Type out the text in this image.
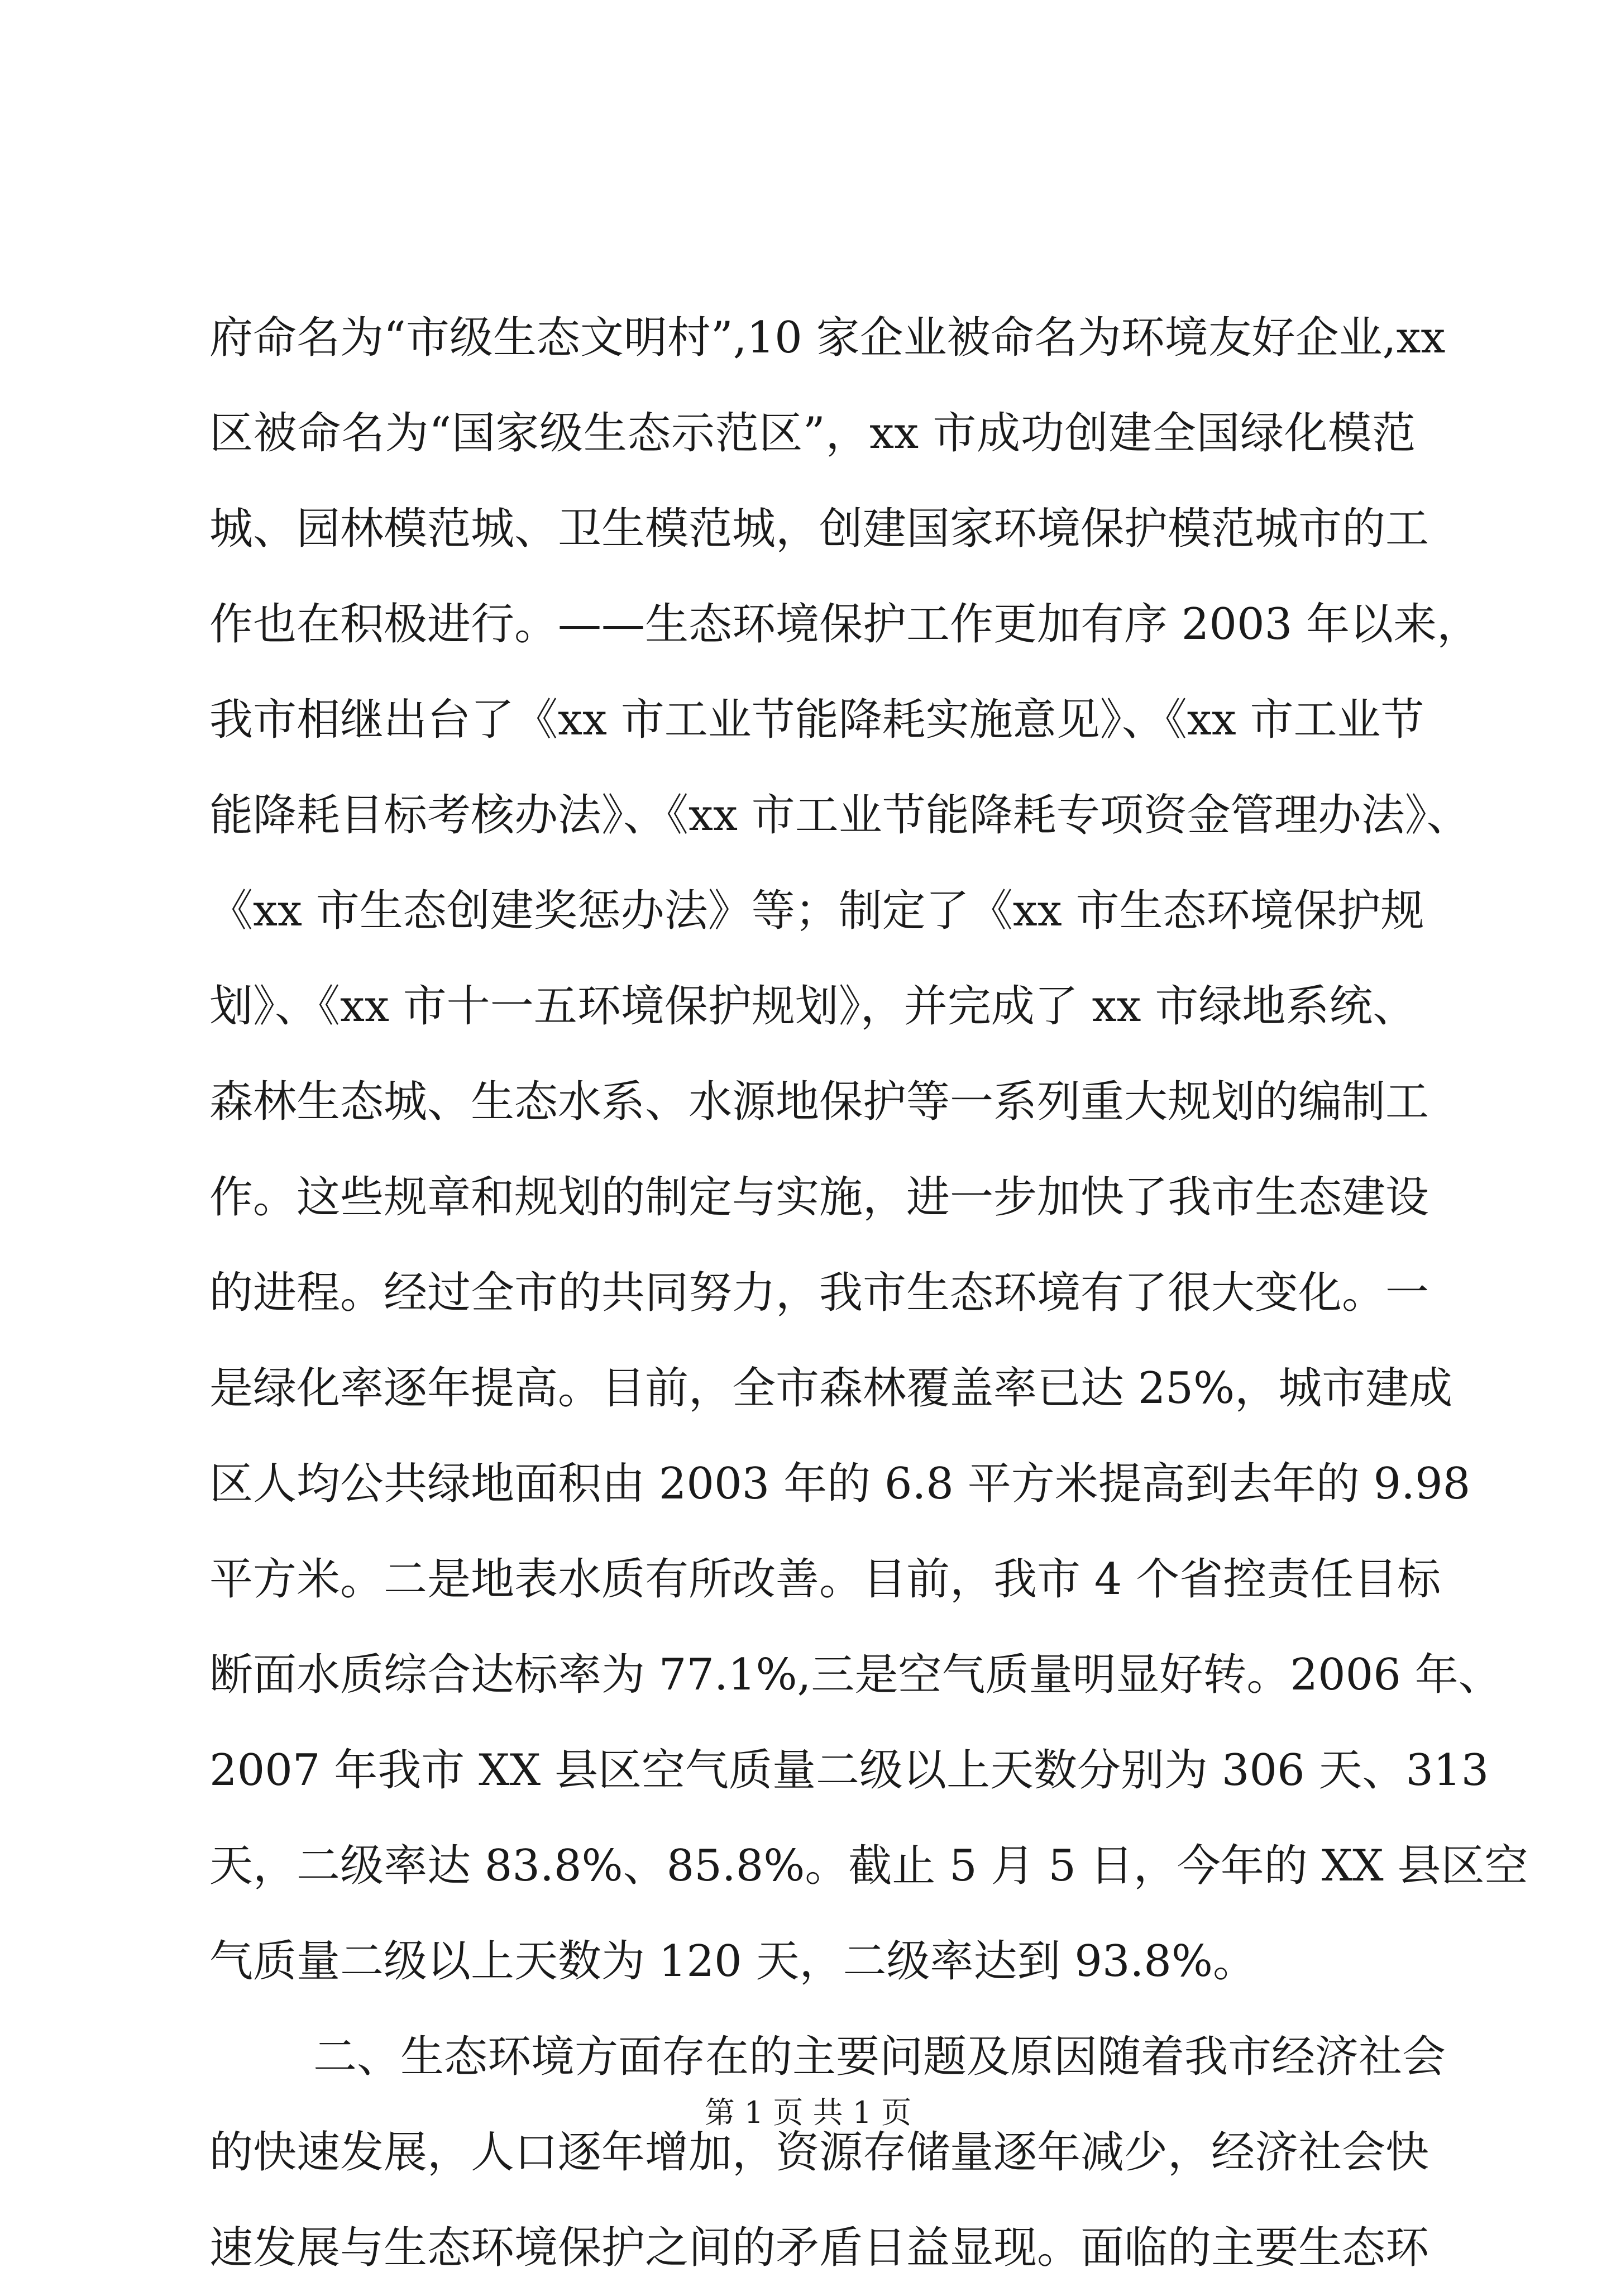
府命名为“市级生态文明村”,10 家企业被命名为环境友好企业,xx
区被命名为“国家级生态示范区”，xx 市成功创建全国绿化模范
城、园林模范城、卫生模范城，创建国家环境保护模范城市的工
作也在积极进行。——生态环境保护工作更加有序 2003 年以来，
我市相继出台了《xx 市工业节能降耗实施意见》、《xx 市工业节
能降耗目标考核办法》、《xx 市工业节能降耗专项资金管理办法》、
《xx 市生态创建奖惩办法》等；制定了《xx 市生态环境保护规
划》、《xx 市十一五环境保护规划》，并完成了 xx 市绿地系统、
森林生态城、生态水系、水源地保护等一系列重大规划的编制工
作。这些规章和规划的制定与实施，进一步加快了我市生态建设
的进程。经过全市的共同努力，我市生态环境有了很大变化。一
是绿化率逐年提高。目前，全市森林覆盖率已达 25%，城市建成
区人均公共绿地面积由 2003 年的 6.8 平方米提高到去年的 9.98
平方米。二是地表水质有所改善。目前，我市 4 个省控责任目标
断面水质综合达标率为 77.1%,三是空气质量明显好转。2006 年、
2007 年我市 XX 县区空气质量二级以上天数分别为 306 天、313
天，二级率达 83.8%、85.8%。截止 5 月 5 日，今年的 XX 县区空
气质量二级以上天数为 120 天，二级率达到 93.8%。
二、生态环境方面存在的主要问题及原因随着我市经济社会
的快速发展，人口逐年增加，资源存储量逐年减少，经济社会快
速发展与生态环境保护之间的矛盾日益显现。面临的主要生态环
第 1 页 共 1 页
